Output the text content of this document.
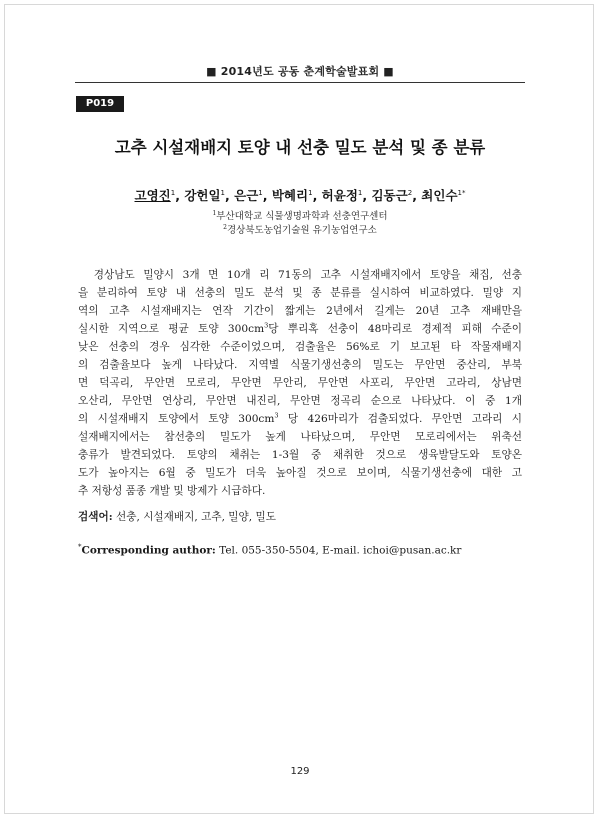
■ 2014년도 공동 춘계학술발표회 ■
P019
고추 시설재배지 토양 내 선충 밀도 분석 및 종 분류
고영진$^1$, 강헌일$^1$, 은근$^1$, 박혜리$^1$, 허윤정$^1$, 김동근$^2$, 최인수$^{1*}$
$^1$부산대학교 식물생명과학과 선충연구센터
$^2$경상북도농업기술원 유기농업연구소
　경상남도 밀양시 3개 면 10개 리 71동의 고추 시설재배지에서 토양을 채집, 선충
을 분리하여 토양 내 선충의 밀도 분석 및 종 분류를 실시하여 비교하였다. 밀양 지
역의 고추 시설재배지는 연작 기간이 짧게는 2년에서 길게는 20년 고추 재배만을
실시한 지역으로 평균 토양 $300cm^3$당 뿌리혹 선충이 48마리로 경제적 피해 수준이
낮은 선충의 경우 심각한 수준이었으며, 검출율은 56%로 기 보고된 타 작물재배지
의 검출율보다 높게 나타났다. 지역별 식물기생선충의 밀도는 무안면 중산리, 부북
면 덕곡리, 무안면 모로리, 무안면 무안리, 무안면 사포리, 무안면 고라리, 상남면
오산리, 무안면 연상리, 무안면 내진리, 무안면 정곡리 순으로 나타났다. 이 중 1개
의 시설재배지 토양에서 토양 $300cm^3$ 당 426마리가 검출되었다. 무안면 고라리 시
설재배지에서는 참선충의 밀도가 높게 나타났으며, 무안면 모로리에서는 위축선
충류가 발견되었다. 토양의 채취는 1-3월 중 채취한 것으로 생육발달도와 토양온
도가 높아지는 6월 중 밀도가 더욱 높아질 것으로 보이며, 식물기생선충에 대한 고
추 저항성 품종 개발 및 방제가 시급하다.
검색어: 선충, 시설재배지, 고추, 밀양, 밀도
*Corresponding author: Tel. 055-350-5504, E-mail. ichoi@pusan.ac.kr
129
